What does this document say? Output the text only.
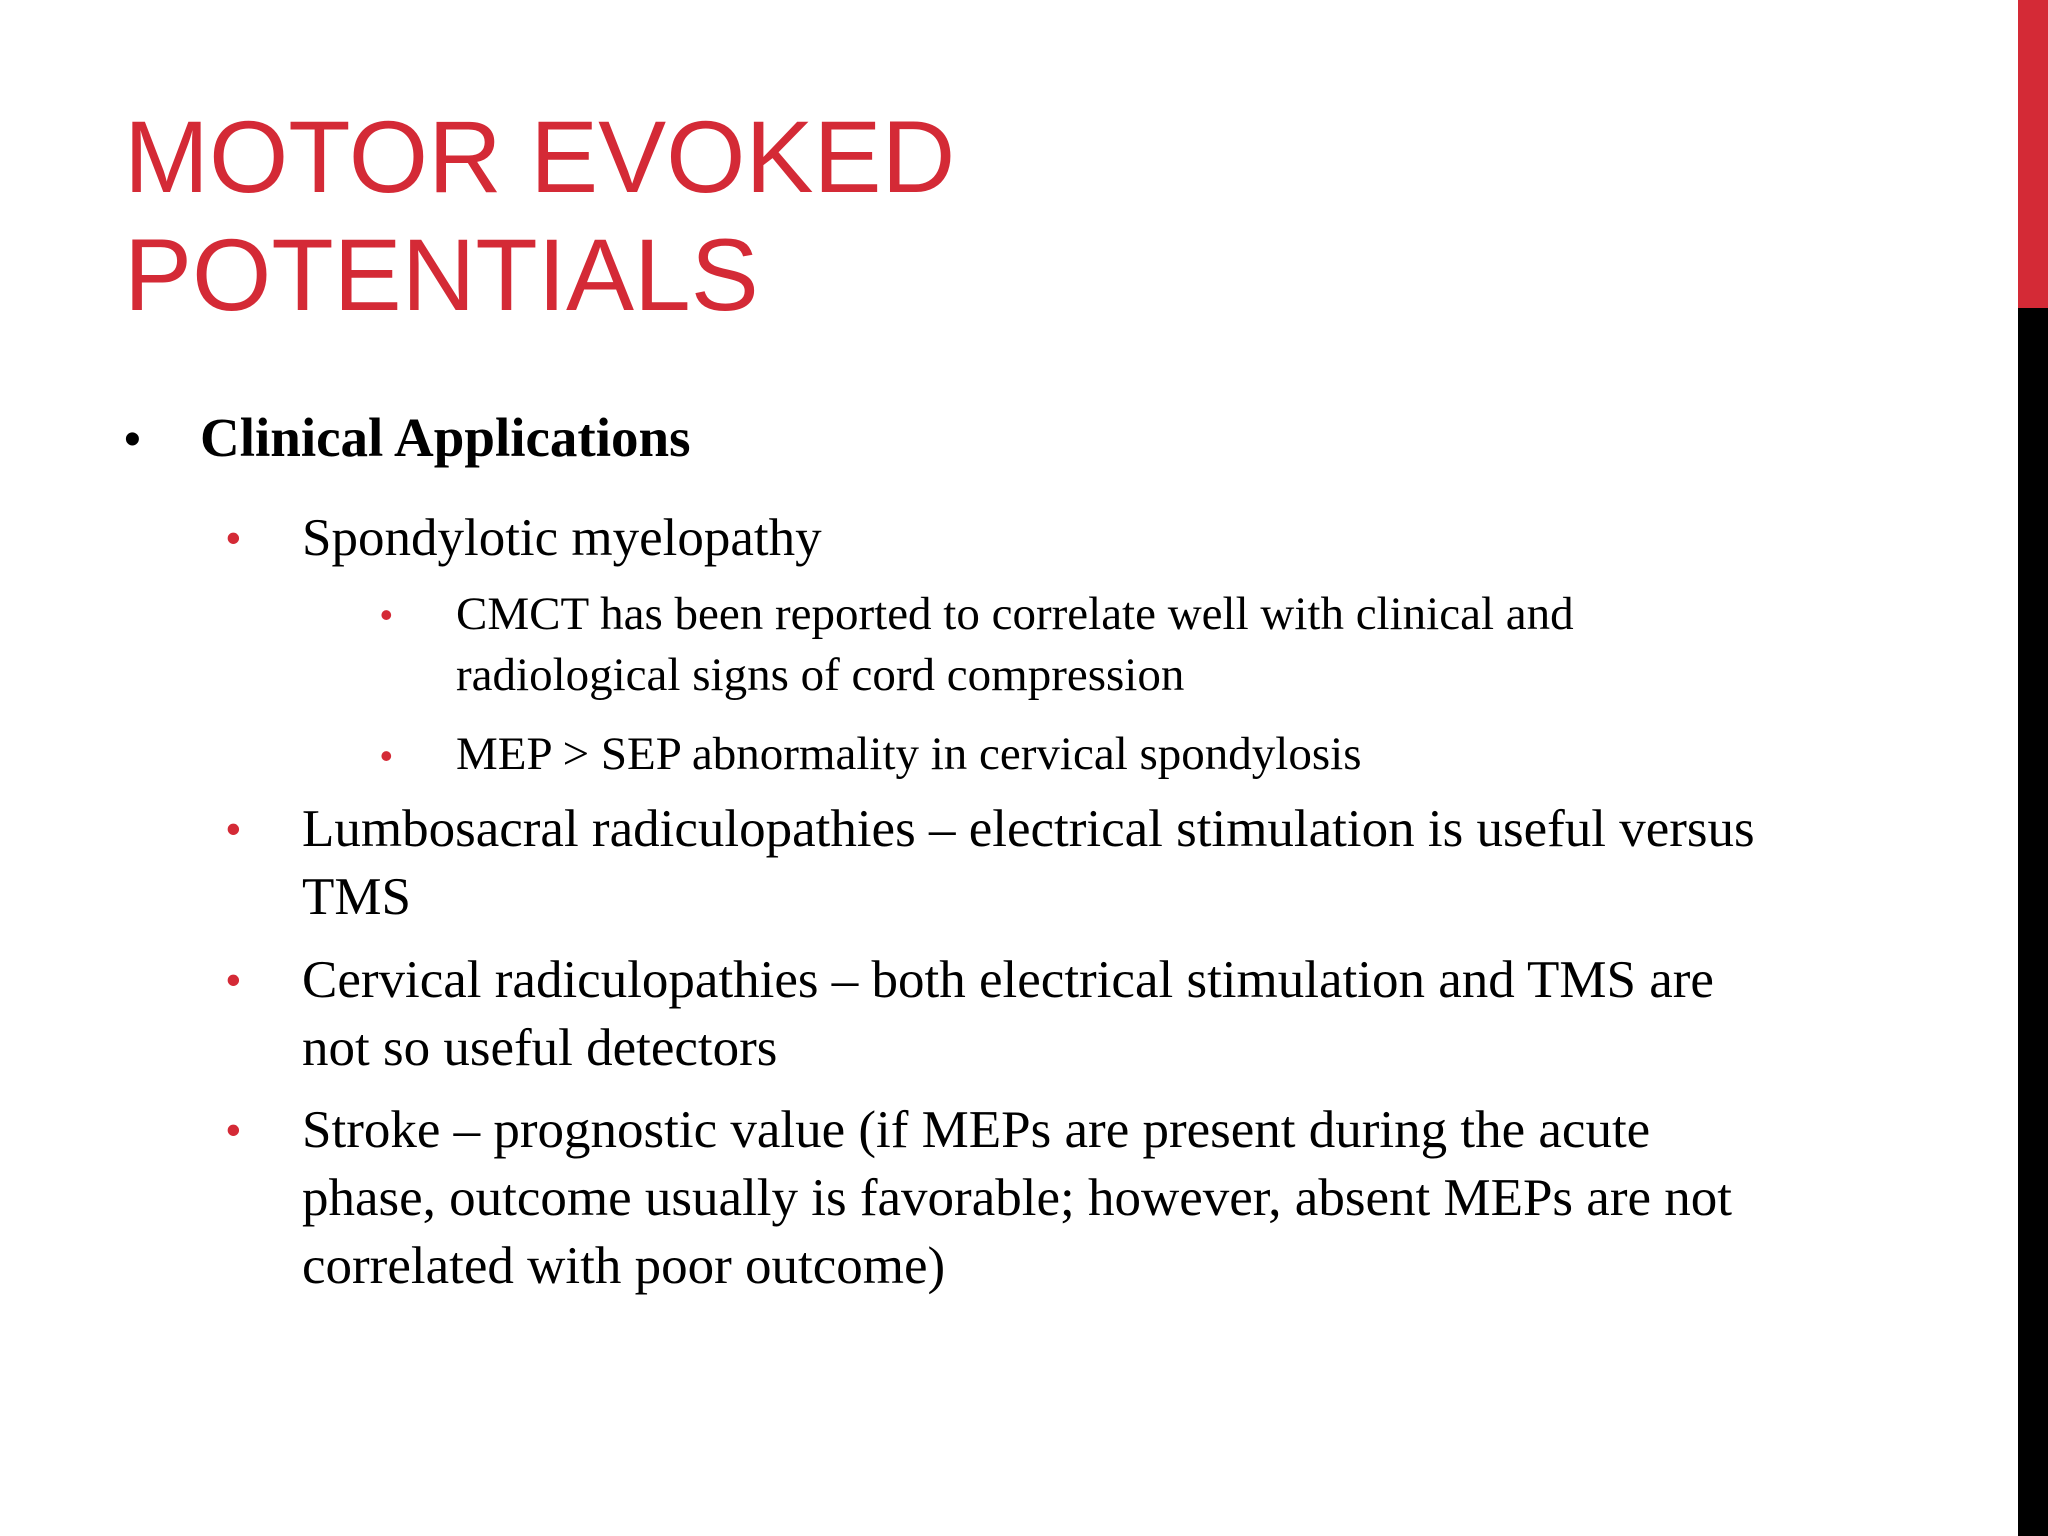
MOTOR EVOKED
POTENTIALS
• Clinical Applications
• Spondylotic myelopathy
• CMCT has been reported to correlate well with clinical and radiological signs of cord compression
• MEP > SEP abnormality in cervical spondylosis
• Lumbosacral radiculopathies – electrical stimulation is useful versus TMS
• Cervical radiculopathies – both electrical stimulation and TMS are not so useful detectors
• Stroke – prognostic value (if MEPs are present during the acute phase, outcome usually is favorable; however, absent MEPs are not correlated with poor outcome)
